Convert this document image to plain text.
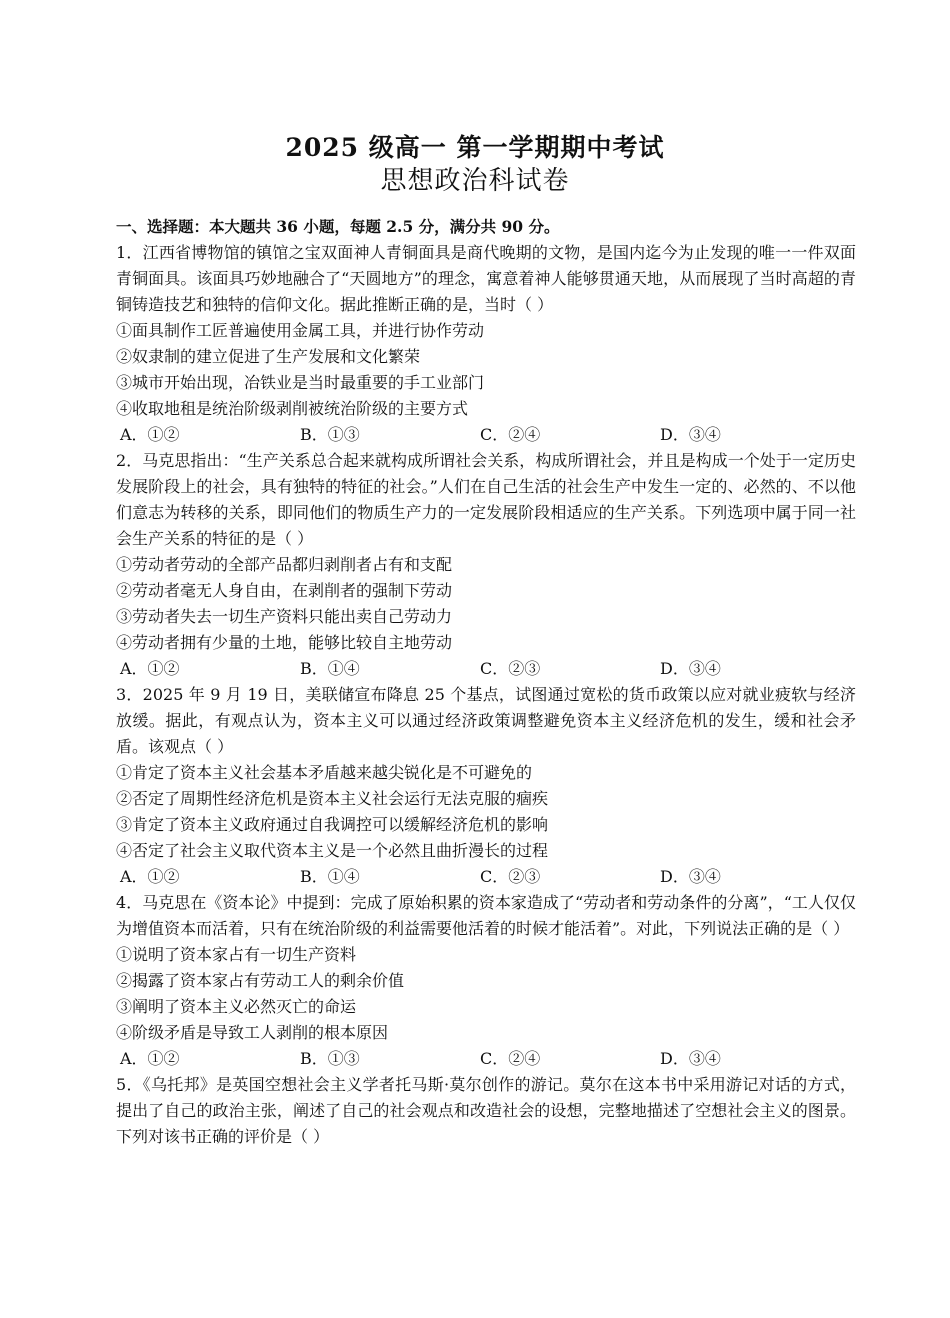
2025 级高一 第一学期期中考试
思想政治科试卷
一、选择题：本大题共 36 小题，每题 2.5 分，满分共 90 分。

1．江西省博物馆的镇馆之宝双面神人青铜面具是商代晚期的文物，是国内迄今为止发现的唯一一件双面青铜面具。该面具巧妙地融合了“天圆地方”的理念，寓意着神人能够贯通天地，从而展现了当时高超的青铜铸造技艺和独特的信仰文化。据此推断正确的是，当时（ ）

①面具制作工匠普遍使用金属工具，并进行协作劳动

②奴隶制的建立促进了生产发展和文化繁荣

③城市开始出现，冶铁业是当时最重要的手工业部门

④收取地租是统治阶级剥削被统治阶级的主要方式

A．①②	B．①③	C．②④	D．③④

2．马克思指出：“生产关系总合起来就构成所谓社会关系，构成所谓社会，并且是构成一个处于一定历史发展阶段上的社会，具有独特的特征的社会。”人们在自己生活的社会生产中发生一定的、必然的、不以他们意志为转移的关系，即同他们的物质生产力的一定发展阶段相适应的生产关系。下列选项中属于同一社会生产关系的特征的是（ ）

①劳动者劳动的全部产品都归剥削者占有和支配

②劳动者毫无人身自由，在剥削者的强制下劳动

③劳动者失去一切生产资料只能出卖自己劳动力

④劳动者拥有少量的土地，能够比较自主地劳动

A．①②	B．①④	C．②③	D．③④

3．2025 年 9 月 19 日，美联储宣布降息 25 个基点，试图通过宽松的货币政策以应对就业疲软与经济放缓。据此，有观点认为，资本主义可以通过经济政策调整避免资本主义经济危机的发生，缓和社会矛盾。该观点（ ）

①肯定了资本主义社会基本矛盾越来越尖锐化是不可避免的

②否定了周期性经济危机是资本主义社会运行无法克服的痼疾

③肯定了资本主义政府通过自我调控可以缓解经济危机的影响

④否定了社会主义取代资本主义是一个必然且曲折漫长的过程

A．①②	B．①④	C．②③	D．③④

4．马克思在《资本论》中提到：完成了原始积累的资本家造成了“劳动者和劳动条件的分离”，“工人仅仅为增值资本而活着，只有在统治阶级的利益需要他活着的时候才能活着”。对此，下列说法正确的是（ ）

①说明了资本家占有一切生产资料

②揭露了资本家占有劳动工人的剩余价值

③阐明了资本主义必然灭亡的命运

④阶级矛盾是导致工人剥削的根本原因

A．①②	B．①③	C．②④	D．③④

5．《乌托邦》是英国空想社会主义学者托马斯·莫尔创作的游记。莫尔在这本书中采用游记对话的方式，提出了自己的政治主张，阐述了自己的社会观点和改造社会的设想，完整地描述了空想社会主义的图景。下列对该书正确的评价是（ ）
